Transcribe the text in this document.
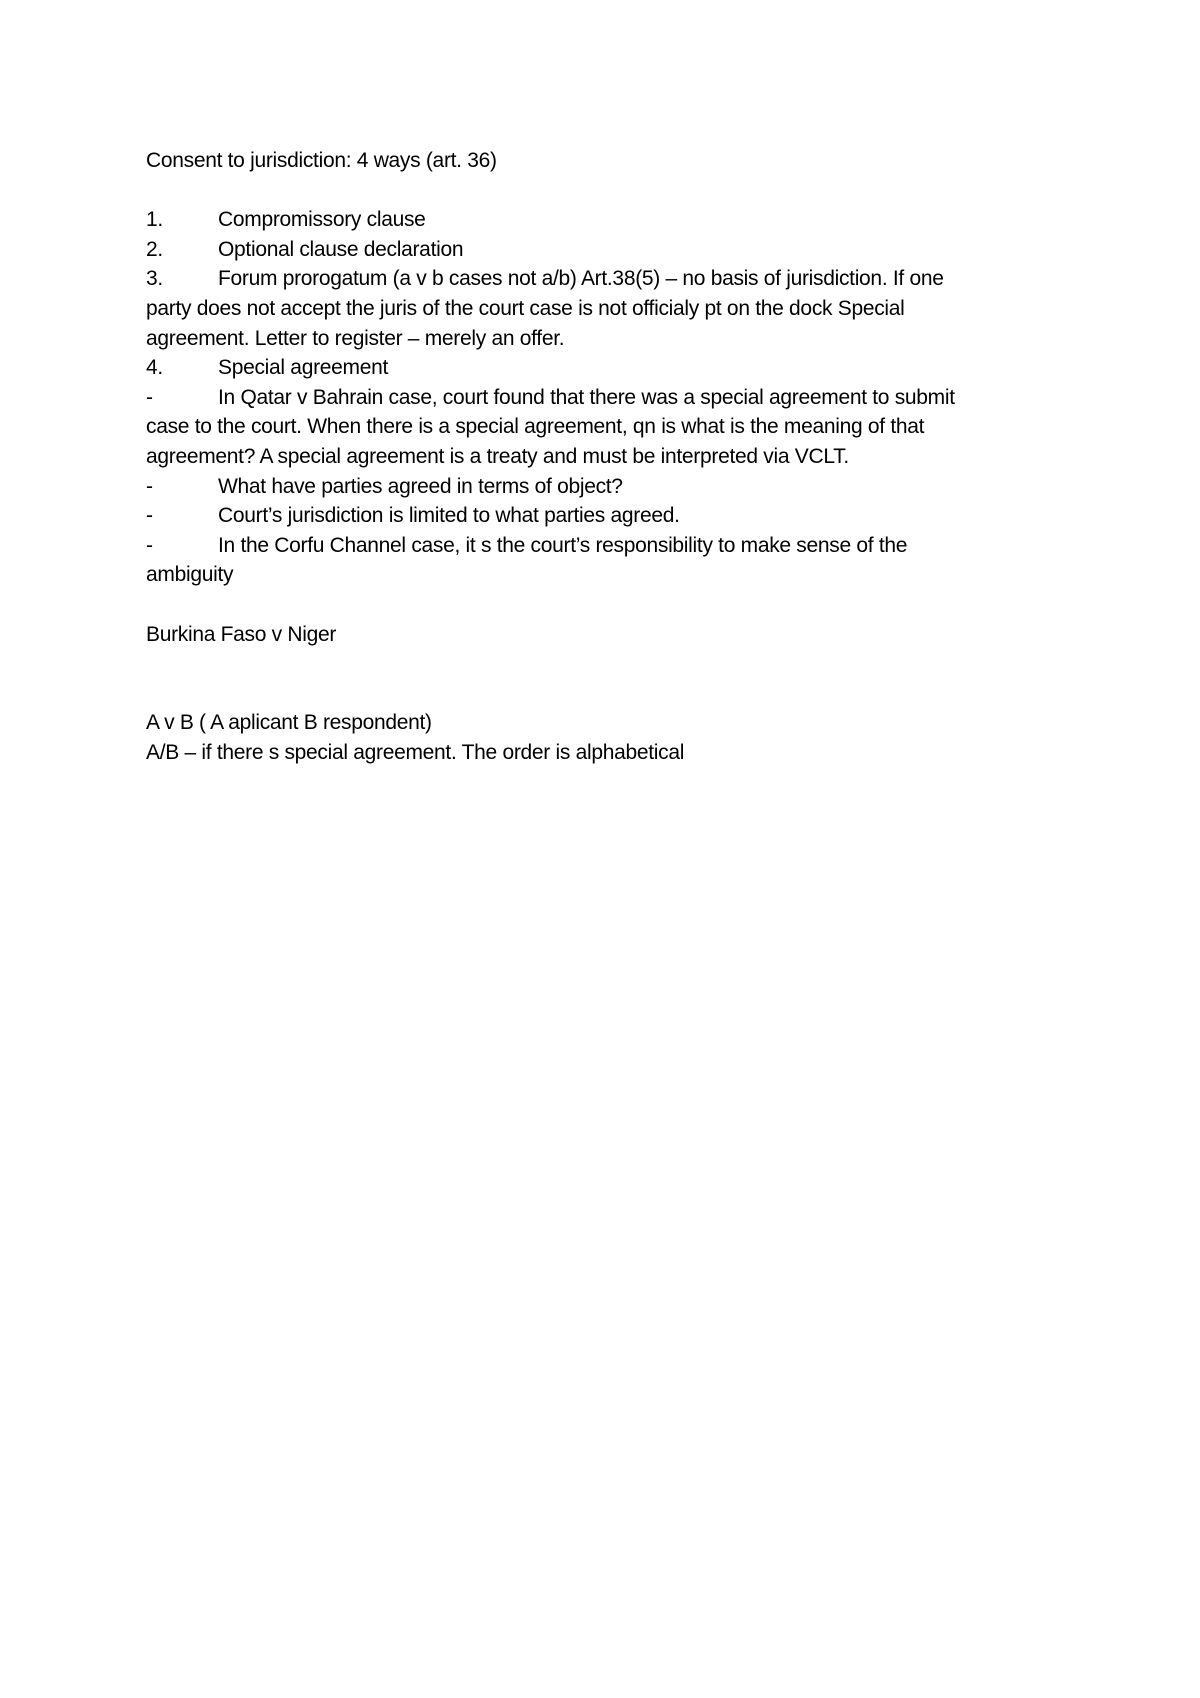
Consent to jurisdiction: 4 ways (art. 36)
1.	Compromissory clause
2.	Optional clause declaration
3.	Forum prorogatum (a v b cases not a/b) Art.38(5) – no basis of jurisdiction. If one
party does not accept the juris of the court case is not officialy pt on the dock Special
agreement. Letter to register – merely an offer.
4.	Special agreement
-	In Qatar v Bahrain case, court found that there was a special agreement to submit
case to the court. When there is a special agreement, qn is what is the meaning of that
agreement? A special agreement is a treaty and must be interpreted via VCLT.
-	What have parties agreed in terms of object?
-	Court’s jurisdiction is limited to what parties agreed.
-	In the Corfu Channel case, it s the court’s responsibility to make sense of the
ambiguity
Burkina Faso v Niger
A v B ( A aplicant B respondent)
A/B – if there s special agreement. The order is alphabetical
